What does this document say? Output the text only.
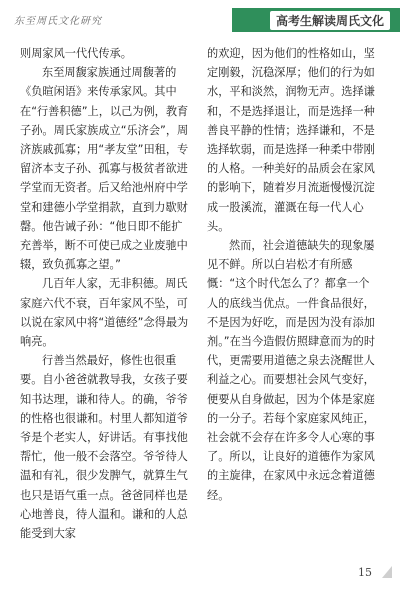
东至周氏文化研究	高考生解读周氏文化

则周家风一代代传承。

东至周馥家族通过周馥著的《负暄闲语》来传承家风。其中在“行善积德”上，以己为例，教育子孙。周氏家族成立“乐济会”，周济族戚孤寡；用“孝友堂”田租，专留济本支子孙、孤寡与极贫者欲进学堂而无资者。后又给池州府中学堂和建德小学堂捐款，直到力歇财罄。他告诫子孙：“他日即不能扩充善举，断不可使已成之业废驰中辍，致负孤寡之望。”

几百年人家，无非积德。周氏家庭六代不衰，百年家风不坠，可以说在家风中将“道德经”念得最为响亮。

行善当然最好，修性也很重要。自小爸爸就教导我，女孩子要知书达理，谦和待人。的确，爷爷的性格也很谦和。村里人都知道爷爷是个老实人，好讲话。有事找他帮忙，他一般不会落空。爷爷待人温和有礼，很少发脾气，就算生气也只是语气重一点。爸爸同样也是心地善良，待人温和。谦和的人总能受到大家

的欢迎，因为他们的性格如山，坚定刚毅，沉稳深厚；他们的行为如水，平和淡然，润物无声。选择谦和，不是选择退让，而是选择一种善良平静的性情；选择谦和，不是选择软弱，而是选择一种柔中带刚的人格。一种美好的品质会在家风的影响下，随着岁月流逝慢慢沉淀成一股溪流，灌溉在每一代人心头。

然而，社会道德缺失的现象屡见不鲜。所以白岩松才有所感慨：“这个时代怎么了？都拿一个人的底线当优点。一件食品很好，不是因为好吃，而是因为没有添加剂。”在当今造假仿照肆意而为的时代，更需要用道德之泉去浇醒世人利益之心。而要想社会风气变好，便要从自身做起，因为个体是家庭的一分子。若每个家庭家风纯正，社会就不会存在许多令人心寒的事了。所以，让良好的道德作为家风的主旋律，在家风中永远念着道德经。

15
